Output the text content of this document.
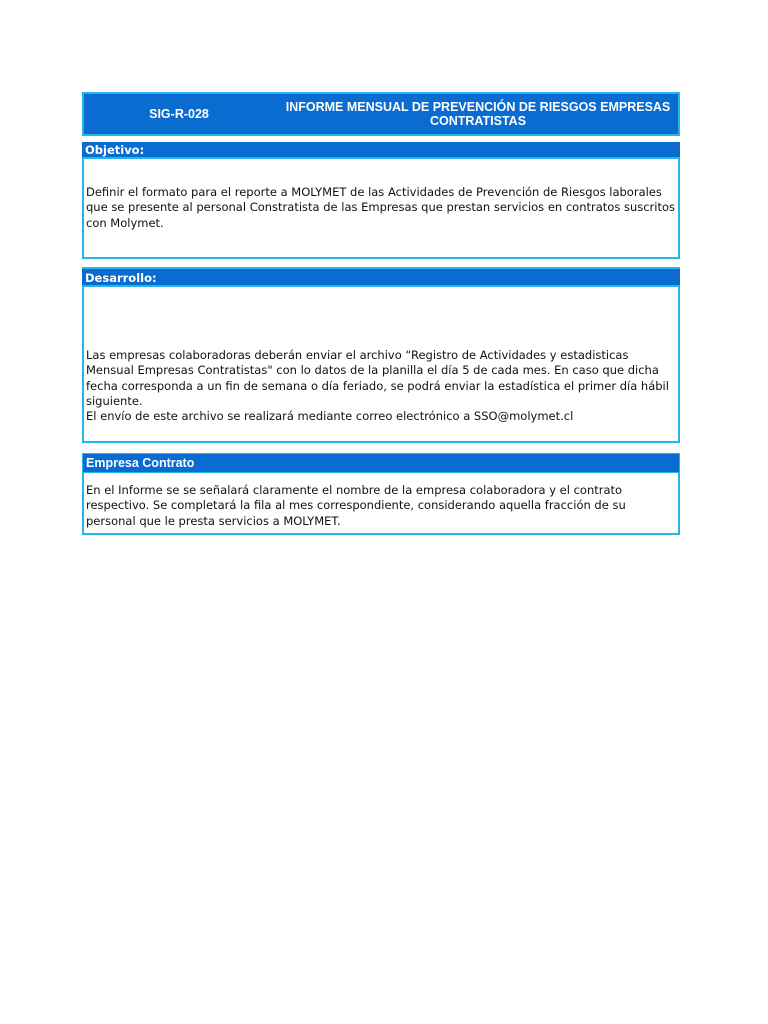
SIG-R-028	INFORME MENSUAL DE PREVENCIÓN DE RIESGOS EMPRESAS CONTRATISTAS
Objetivo:

Definir el formato para el reporte a MOLYMET de las Actividades de Prevención de Riesgos laborales que se presente al personal Constratista de las Empresas que prestan servicios en contratos suscritos con Molymet.

Desarrollo:

Las empresas colaboradoras deberán enviar el archivo “Registro de Actividades y estadisticas Mensual Empresas Contratistas" con lo datos de la planilla el día 5 de cada mes. En caso que dicha fecha corresponda a un fin de semana o día feriado, se podrá enviar la estadística el primer día hábil siguiente.

El envío de este archivo se realizará mediante correo electrónico a SSO@molymet.cl

Empresa Contrato

En el Informe se se señalará claramente el nombre de la empresa colaboradora y el contrato respectivo. Se completará la fila al mes correspondiente, considerando aquella fracción de su personal que le presta servicios a MOLYMET.
